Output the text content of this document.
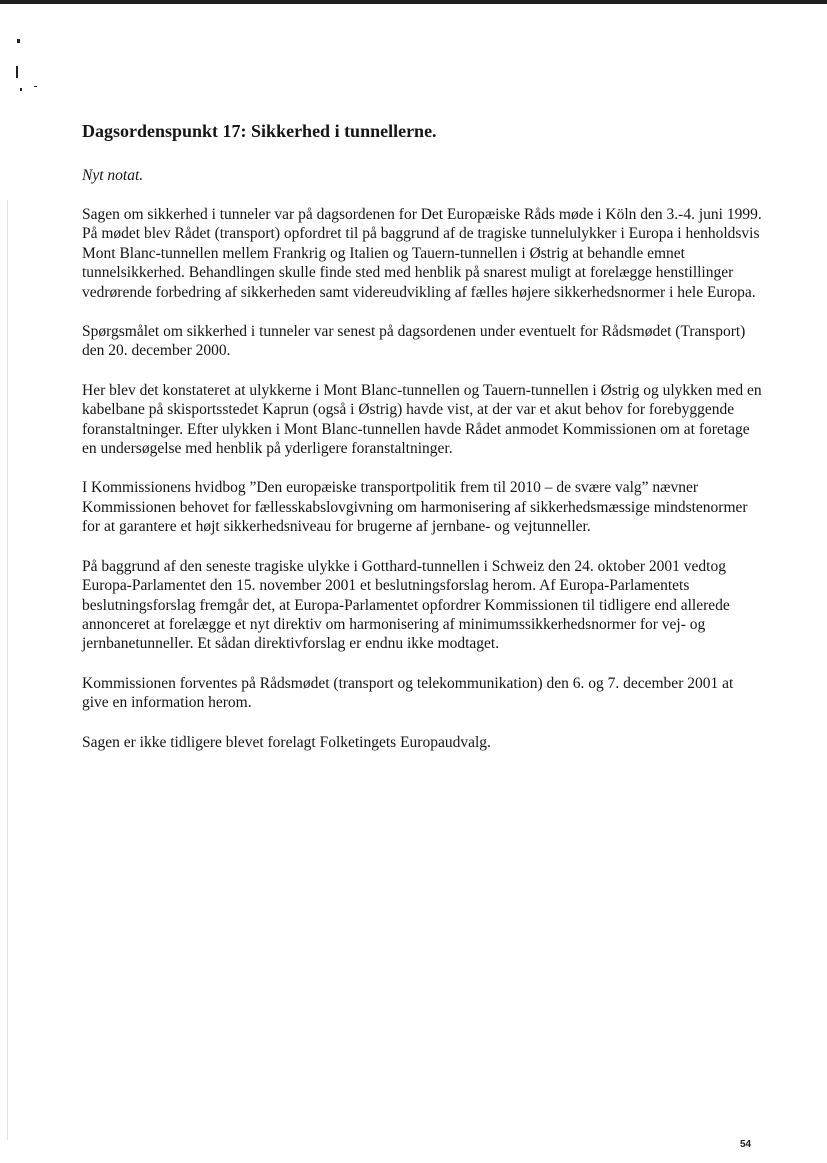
Dagsordenspunkt 17: Sikkerhed i tunnellerne.

Nyt notat.

Sagen om sikkerhed i tunneler var på dagsordenen for Det Europæiske Råds møde i Köln den 3.-4. juni 1999. På mødet blev Rådet (transport) opfordret til på baggrund af de tragiske tunnelulykker i Europa i henholdsvis Mont Blanc-tunnellen mellem Frankrig og Italien og Tauern-tunnellen i Østrig at behandle emnet tunnelsikkerhed. Behandlingen skulle finde sted med henblik på snarest muligt at forelægge henstillinger vedrørende forbedring af sikkerheden samt videreudvikling af fælles højere sikkerhedsnormer i hele Europa.

Spørgsmålet om sikkerhed i tunneler var senest på dagsordenen under eventuelt for Rådsmødet (Transport) den 20. december 2000.

Her blev det konstateret at ulykkerne i Mont Blanc-tunnellen og Tauern-tunnellen i Østrig og ulykken med en kabelbane på skisportsstedet Kaprun (også i Østrig) havde vist, at der var et akut behov for forebyggende foranstaltninger. Efter ulykken i Mont Blanc-tunnellen havde Rådet anmodet Kommissionen om at foretage en undersøgelse med henblik på yderligere foranstaltninger.

I Kommissionens hvidbog ”Den europæiske transportpolitik frem til 2010 – de svære valg” nævner Kommissionen behovet for fællesskabslovgivning om harmonisering af sikkerhedsmæssige mindstenormer for at garantere et højt sikkerhedsniveau for brugerne af jernbane- og vejtunneller.

På baggrund af den seneste tragiske ulykke i Gotthard-tunnellen i Schweiz den 24. oktober 2001 vedtog Europa-Parlamentet den 15. november 2001 et beslutningsforslag herom. Af Europa-Parlamentets beslutningsforslag fremgår det, at Europa-Parlamentet opfordrer Kommissionen til tidligere end allerede annonceret at forelægge et nyt direktiv om harmonisering af minimumssikkerhedsnormer for vej- og jernbanetunneller. Et sådan direktivforslag er endnu ikke modtaget.

Kommissionen forventes på Rådsmødet (transport og telekommunikation) den 6. og 7. december 2001 at give en information herom.

Sagen er ikke tidligere blevet forelagt Folketingets Europaudvalg.

54
